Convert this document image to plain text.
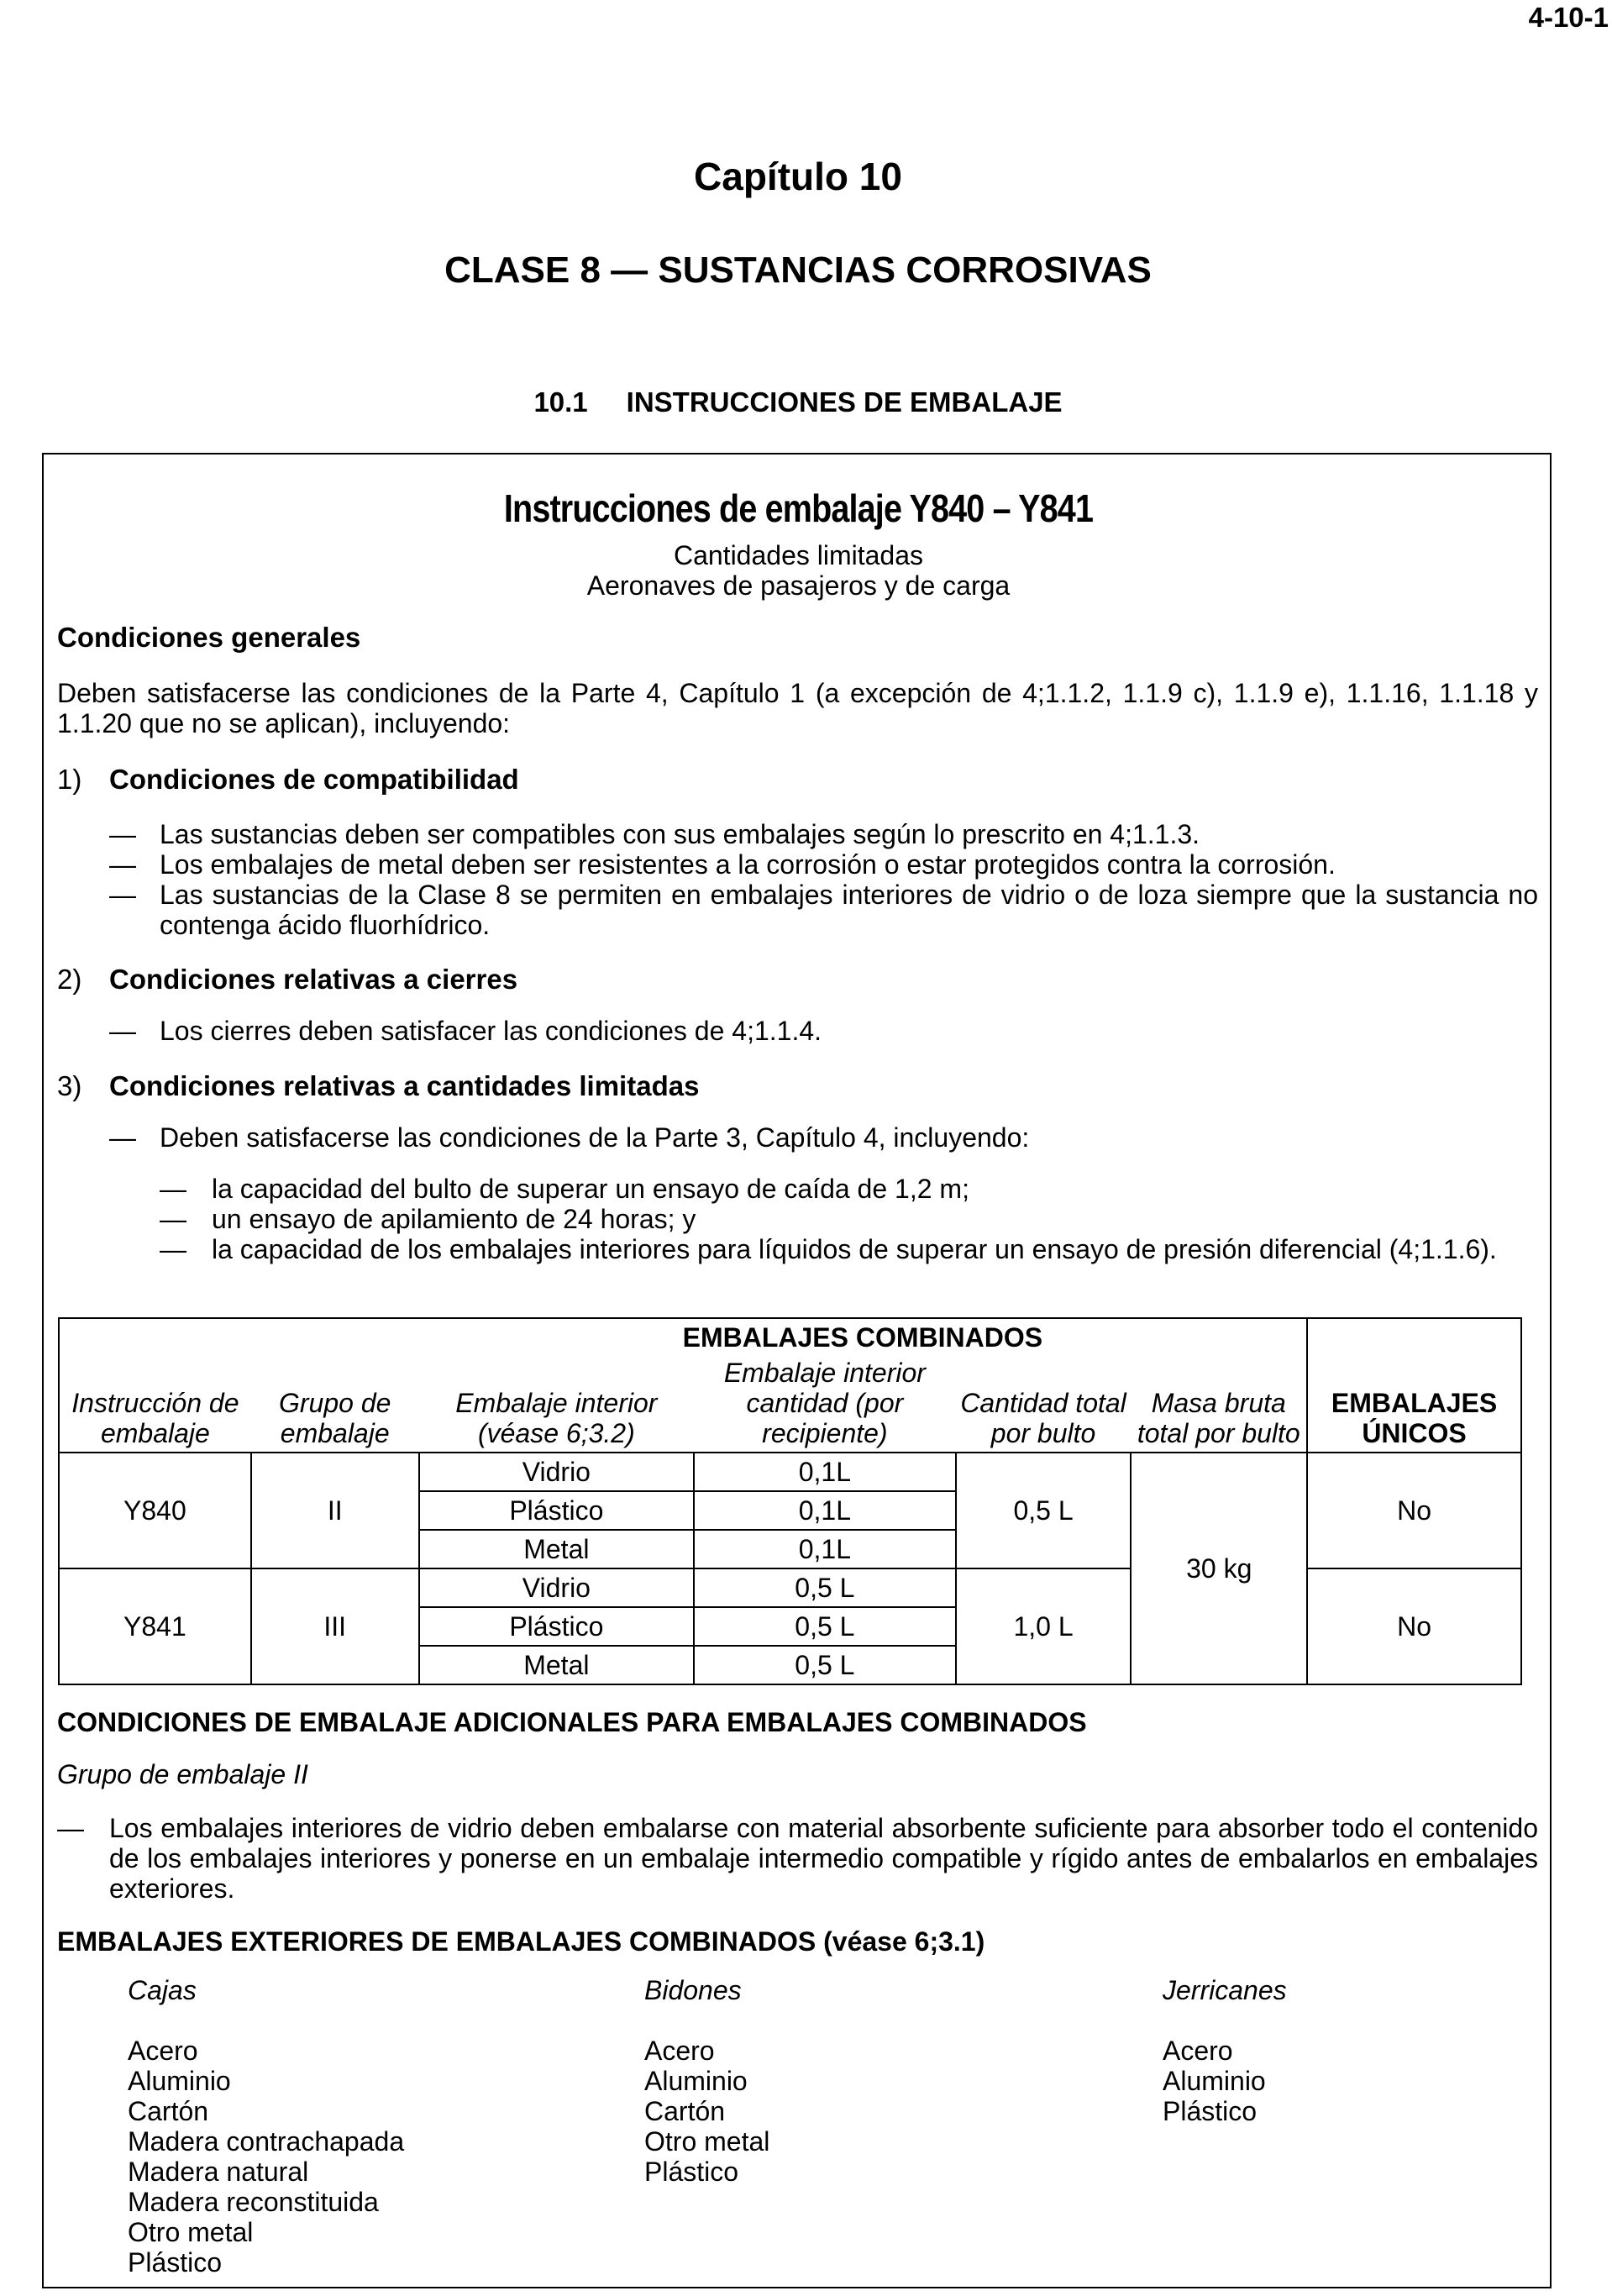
4-10-1
Capítulo 10
CLASE 8 — SUSTANCIAS CORROSIVAS
10.1 INSTRUCCIONES DE EMBALAJE
Instrucciones de embalaje Y840 – Y841
Cantidades limitadas
Aeronaves de pasajeros y de carga
Condiciones generales
Deben satisfacerse las condiciones de la Parte 4, Capítulo 1 (a excepción de 4;1.1.2, 1.1.9 c), 1.1.9 e), 1.1.16, 1.1.18 y 1.1.20 que no se aplican), incluyendo:
1) Condiciones de compatibilidad
— Las sustancias deben ser compatibles con sus embalajes según lo prescrito en 4;1.1.3.
— Los embalajes de metal deben ser resistentes a la corrosión o estar protegidos contra la corrosión.
— Las sustancias de la Clase 8 se permiten en embalajes interiores de vidrio o de loza siempre que la sustancia no contenga ácido fluorhídrico.
2) Condiciones relativas a cierres
— Los cierres deben satisfacer las condiciones de 4;1.1.4.
3) Condiciones relativas a cantidades limitadas
— Deben satisfacerse las condiciones de la Parte 3, Capítulo 4, incluyendo:
— la capacidad del bulto de superar un ensayo de caída de 1,2 m;
— un ensayo de apilamiento de 24 horas; y
— la capacidad de los embalajes interiores para líquidos de superar un ensayo de presión diferencial (4;1.1.6).
		EMBALAJES COMBINADOS				
Instrucción de embalaje	Grupo de embalaje	Embalaje interior (véase 6;3.2)	Embalaje interior cantidad (por recipiente)	Cantidad total por bulto	Masa bruta total por bulto	EMBALAJES ÚNICOS
Y840	II	Vidrio	0,1L	0,5 L	30 kg	No
		Plástico	0,1L			
		Metal	0,1L			
Y841	III	Vidrio	0,5 L	1,0 L		No
		Plástico	0,5 L			
		Metal	0,5 L			
CONDICIONES DE EMBALAJE ADICIONALES PARA EMBALAJES COMBINADOS
Grupo de embalaje II
— Los embalajes interiores de vidrio deben embalarse con material absorbente suficiente para absorber todo el contenido de los embalajes interiores y ponerse en un embalaje intermedio compatible y rígido antes de embalarlos en embalajes exteriores.
EMBALAJES EXTERIORES DE EMBALAJES COMBINADOS (véase 6;3.1)
Cajas
Acero
Aluminio
Cartón
Madera contrachapada
Madera natural
Madera reconstituida
Otro metal
Plástico
Bidones
Acero
Aluminio
Cartón
Otro metal
Plástico
Jerricanes
Acero
Aluminio
Plástico
